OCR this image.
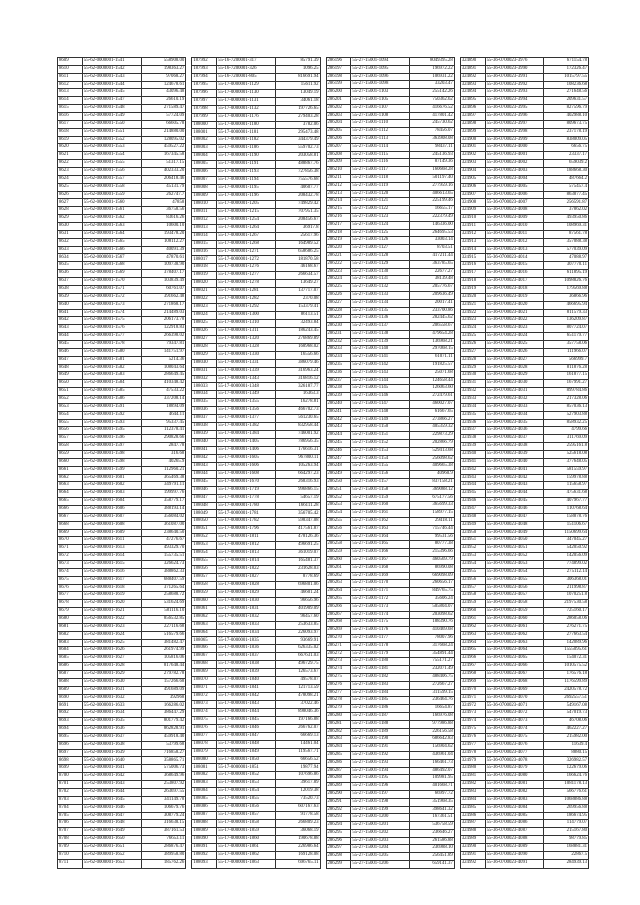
8609	55-62-0000001-1541	558908.00
8610	55-62-0000001-1542	198363.27
8611	55-62-0000001-1543	97068.27
8612	55-62-0000001-1544	124678.61
8613	55-62-0000001-1545	43096.48
8614	55-62-0000001-1547	26610.19
8615	55-62-0000001-1548	271589.47
8616	55-62-0000001-1549	57724.09
8617	55-62-0000001-1550	66605.78
8618	55-62-0000001-1551	214880.00
8619	55-62-0000001-1552	128095.02
8620	55-62-0000001-1553	459527.22
8621	55-62-0000001-1554	167345.58
8622	55-62-0000001-1555	51317.15
8623	55-62-0000001-1556	402333.20
8624	55-62-0000001-1557	206418.46
8625	55-62-0000001-1558	45131.79
8626	55-62-0000001-1559	262747.7
8627	55-62-0000001-1560	47858
8628	55-62-0000001-1561	36758.56
8629	55-62-0000001-1562	83616.26
8630	55-62-0000001-1563	10600.10
8631	55-62-0000001-1564	193478.20
8632	55-62-0000001-1565	108112.27
8633	55-62-0000001-1566	40091.39
8634	55-62-0000001-1567	47870.61
8635	55-62-0000001-1568	109738.90
8636	55-62-0000001-1569	378407.17
8637	55-62-0000001-1570	103839.49
8638	55-62-0000001-1571	60761.07
8639	55-62-0000001-1572	391662.48
8640	55-62-0000001-1573	271868.17
8641	55-62-0000001-1574	214489.03
8642	55-62-0000001-1575	206173.78
8643	55-62-0000001-1576	122918.83
8644	55-62-0000001-1577	266398.02
8645	55-62-0000001-1578	79347.81
8646	55-62-0000001-1580	141751.97
8647	55-62-0000001-1581	5214.36
8648	55-62-0000001-1582	108043.64
8649	55-62-0000001-1583	286649.45
8650	55-62-0000001-1584	410348.42
8651	55-62-0000001-1585	47533.22
8652	55-62-0000001-1586	337208.14
8653	55-62-0000001-1591	18894.09
8654	55-62-0000001-1592	4644.11
8655	55-62-0000001-1593	95337.45
8656	55-62-0000001-1595	112378.41
8657	55-62-0000001-1596	290828.66
8658	55-62-0000001-1597	2847.78
8659	55-62-0000001-1598	316.68
8660	55-62-0000001-1598	40265.9
8661	55-62-0000001-1599	112960.21
8662	55-62-0000001-1601	365469.38
8663	55-62-0000001-1602	349791.11
8664	55-62-0000001-1603	199997.76
8665	55-62-0000001-1604	358779.17
8666	55-62-0000001-1606	388193.14
8667	55-62-0000001-1607	356084.02
8668	55-62-0000001-1608	361087.00
8669	55-62-0000001-1609	238640.50
8670	55-62-0000001-1611	47276.67
8671	55-62-0000001-1613	493329.70
8672	55-62-0000001-1614	155735.51
8673	55-62-0000001-1615	326624.73
8674	55-62-0000001-1616	388862.33
8675	55-62-0000001-1617	688407.59
8676	55-62-0000001-1618	371265.64
8677	55-62-0000001-1619	258688.72
8678	55-62-0000001-1620	531624.69
8679	55-62-0000001-1621	581116.10
8680	55-62-0000001-1622	856532.85
8681	55-62-0000001-1623	227116.68
8682	55-62-0000001-1624	516579.66
8683	55-62-0000001-1625	381482.47
8684	55-62-0000001-1626	261974.99
8685	55-62-0000001-1627	105816.06
8686	55-62-0000001-1628	817648.44
8687	55-62-0000001-1629	279782.78
8688	55-62-0000001-1630	157266.68
8689	55-62-0000001-1631	491689.09
8690	55-62-0000001-1632	392968
8691	55-62-0000001-1633	166286.02
8692	55-62-0000001-1634	386447.29
8693	55-62-0000001-1635	801779.42
8694	55-62-0000001-1636	862828.91
8695	55-62-0000001-1637	459918.40
8696	55-62-0000001-1638	53799.68
8697	55-62-0000001-1639	716858.27
8698	55-62-0000001-1640	358865.71
8699	55-62-0000001-1641	575006.73
8700	55-62-0000001-1642	368649.96
8701	55-62-0000001-1643	253807.92
8702	55-62-0000001-1644	263697.55
8703	55-62-0000001-1645	341149.78
8704	55-62-0000001-1646	106679.76
8705	55-62-0000001-1647	308779.24
8706	55-62-0000001-1648	316638.15
8707	55-62-0000001-1649	387161.53
8708	55-62-0000001-1650	76653.11
8709	55-62-0000001-1651	286876.47
8710	55-62-0000001-1652	389958.80
8711	55-62-0000001-1653	185762.26
187992	55-16-7200001-317	85791.39
187993	55-16-7200001-326	1096.25
187994	55-16-7200001-805	816691.94
187995	55-17-0000001-1129	15611.92
187996	55-17-0000001-1130	13049.19
187997	55-17-0000001-1131	34061.18
187998	55-17-0000001-1132	197726.65
187999	55-17-0000001-1176	279403.28
188000	55-17-0000001-1180	3782.06
188001	55-17-0000001-1181	295473.48
188002	55-17-0000001-1182	344379.49
188003	55-17-0000001-1186	559702.73
188004	55-17-0000001-1190	203058.81
188005	55-17-0000001-1191	488867.76
188006	55-17-0000001-1193	727856.38
188007	55-17-0000001-1194	755576.68
188008	55-17-0000001-1195	40607.77
188009	55-17-0000001-1196	208432.78
188010	55-17-0000001-1205	749829.42
188011	55-17-0000001-1215	707951.35
188012	55-17-0000001-1254	208456.67
188013	55-17-0000001-1264	36917.8
188014	55-17-0000001-1267	25617.96
188015	55-17-0000001-1268	164989.52
188016	55-17-0000001-1271	658686.25
188017	55-17-0000001-1272	181870.58
188018	55-17-0000001-1276	46168.67
188019	55-17-0000001-1277	266634.57
188020	55-17-0000001-1278	13649.27
188021	55-17-0000001-1281	137717.07
188022	55-17-0000001-1282	2370.08
188023	55-17-0000001-1292	153379.41
188024	55-17-0000001-1300	86113.51
188025	55-17-0000001-1310	32493.84
188026	55-17-0000001-1311	186243.45
188027	55-17-0000001-1320	276869.89
188028	55-17-0000001-1328	168968.02
188029	55-17-0000001-1330	16556.66
188030	55-17-0000001-1331	386079.46
188031	55-17-0000001-1339	316963.24
188032	55-17-0000001-1343	316816.12
188033	55-17-0000001-1348	326187.77
188034	55-17-0000001-1349	16363.3
188035	55-17-0000001-1355	16278.81
188036	55-17-0000001-1356	466702.73
188037	55-17-0000001-1377	561230.65
188038	55-17-0000001-1382	832958.44
188039	55-17-0000001-1384	746001.92
188040	55-17-0000001-1405	786956.35
188041	55-17-0000001-1406	176616.31
188042	55-17-0000001-1605	967800.11
188043	55-17-0000001-1606	105263.94
188044	55-17-0000001-1608	664297.23
188045	55-17-0000001-1670	268316.93
188046	55-17-0000001-1719	996866.15
188047	55-17-0000001-1778	54657.19
188048	55-17-0000001-1780	166111.28
188049	55-17-0000001-1781	356705.42
188050	55-17-0000001-1782	598347.08
188051	55-17-0000001-1796	417561.87
188052	55-17-0000001-1811	478126.36
188053	55-17-0000001-1812	496691.25
188054	55-17-0000001-1813	361019.07
188055	55-17-0000001-1814	165481.37
188056	55-17-0000001-1822	231628.03
188057	55-17-0000001-1827	8778.69
188058	55-17-0000001-1828	696801.06
188059	55-17-0000001-1829	46601.24
188060	55-17-0000001-1830	96656.96
188061	55-17-0000001-1831	401909.09
188062	55-17-0000001-1832	96457.60
188063	55-17-0000001-1833	253633.85
188064	55-17-0000001-1834	226093.97
188065	55-17-0000001-1835	93669.91
188066	55-17-0000001-1836	626335.02
188067	55-17-0000001-1837	667631.03
188068	55-17-0000001-1838	496729.75
188069	55-17-0000001-1839	126573.67
188070	55-17-0000001-1840	49578.07
188071	55-17-0000001-1841	121713.59
188072	55-17-0000001-1842	478098.21
188073	55-17-0000001-1843	37022.46
188074	55-17-0000001-1844	898046.36
188075	55-17-0000001-1845	197166.88
188076	55-17-0000001-1846	266762.07
188077	55-17-0000001-1847	66669.13
188078	55-17-0000001-1848	14461.04
188079	55-17-0000001-1849	119567.71
188080	55-17-0000001-1850	66656.52
188081	55-17-0000001-1851	19877.94
188082	55-17-0000001-1852	107696.86
188083	55-17-0000001-1853	39617.89
188084	55-17-0000001-1854	12019.38
188085	55-17-0000001-1855	73520.73
188086	55-17-0000001-1856	607167.63
188087	55-17-0000001-1857	91778.58
188088	55-17-0000001-1858	266809.23
188089	55-17-0000001-1859	36068.19
188090	55-17-0000001-1860	190678.88
188091	55-17-0000001-1861	226986.64
188092	55-17-0000001-1862	169128.08
188093	55-17-0000001-1863	696765.11
286196	55-27-15001-1094	8049395.28
286197	55-27-15001-1095	196972.22
286198	55-27-15001-1096	106931.22
286199	55-27-15001-1098	33203.47
286200	55-27-15001-1103	255142.26
286201	55-27-15001-1105	750362.62
286202	55-27-15001-1107	416676.52
286203	55-27-15001-1108	417801.42
286204	55-27-15001-1110	245730.62
286205	55-27-15001-1112	78456.07
286206	55-27-15001-1113	363908.08
286207	55-27-15001-1114	98437.11
286208	55-27-15001-1115	245136.93
286209	55-27-15001-1116	87149.36
286210	55-27-15001-1117	160668.28
286211	55-27-15001-1118	501197.40
286212	55-27-15001-1119	277959.16
286213	55-27-15001-1120	406613.65
286214	55-27-15001-1121	225199.46
286215	55-27-15001-1122	16655.17
286216	55-27-15001-1123	222379.49
286217	55-27-15001-1124	146336.00
286218	55-27-15001-1125	264695.53
286219	55-27-15001-1126	33003.14
286220	55-27-15001-1127	8703.51
286221	55-27-15001-1128	417211.44
286222	55-27-15001-1129	363785.65
286223	55-27-15001-1130	22677.27
286224	55-27-15001-1131	38139.48
286225	55-27-15001-1132	205776.67
286226	55-27-15001-1133	209636.49
286227	55-27-15001-1134	20017.41
286228	55-27-15001-1135	233700.86
286229	55-27-15001-1136	282445.62
286230	55-27-15001-1137	206558.67
286231	55-27-15001-1138	479654.28
286232	55-27-15001-1139	136968.21
286233	55-27-15001-1140	297068.15
286234	55-27-15001-1141	61071.11
286235	55-27-15001-1142	191825.57
286236	55-27-15001-1143	25071.68
286237	55-27-15001-1144	124658.44
286238	55-27-15001-1145	126063.60
286239	55-27-15001-1146	272479.61
286240	55-27-15001-1147	460027.07
286241	55-27-15001-1148	61667.65
286242	55-27-15001-1149	273866.27
286243	55-27-15001-1150	405359.32
286244	55-27-15001-1151	229873.29
286245	55-27-15001-1152	202866.79
286246	55-27-15001-1153	529413.68
286247	55-27-15001-1154	256098.62
286248	55-27-15001-1155	409665.38
286249	55-27-15001-1156	40960.9
286250	55-27-15001-1157	837158.21
286251	55-27-15001-1158	369088.12
286252	55-27-15001-1159	675177.56
286253	55-27-15001-1160	365699.33
286254	55-27-15001-1161	158977.15
286255	55-27-15001-1162	29418.11
286256	55-27-15001-1163	715746.44
286257	55-27-15001-1164	99531.56
286258	55-27-15001-1165	80777.38
286259	55-27-15001-1166	215396.66
286260	55-27-15001-1167	460569.79
286261	55-27-15001-1168	86990.08
286262	55-27-15001-1169	669098.09
286263	55-27-15001-1170	260656.17
286264	55-27-15001-1171	849765.75
286265	55-27-15001-1172	35606.24
286266	55-27-15001-1173	505804.07
286267	55-27-15001-1174	203098.62
286268	55-27-15001-1175	188390.76
286269	55-27-15001-1176	410469.68
286270	55-27-15001-1177	78007.96
286271	55-27-15001-1178	317668.24
286272	55-27-15001-1179	354891.44
286273	55-27-15001-1180	755171.27
286274	55-27-15001-1181	232071.49
286275	55-27-15001-1182	488406.75
286276	55-27-15001-1183	272667.27
286277	55-27-15001-1184	311599.15
286278	55-27-15001-1185	236464.76
286279	55-27-15001-1186	16654.87
286280	55-27-15001-1187	166976.08
286281	55-27-15001-1188	977986.88
286282	55-27-15001-1189	226156.58
286283	55-27-15001-1190	686642.83
286284	55-27-15001-1191	156904.62
286285	55-27-15001-1192	436961.04
286286	55-27-15001-1193	166461.73
286287	55-27-15001-1194	486492.07
286288	55-27-15001-1195	109981.95
286289	55-27-15001-1196	401668.71
286290	55-27-15001-1197	66997.72
286291	55-27-15001-1198	351968.35
286292	55-27-15001-1199	398641.32
286293	55-27-15001-1200	167361.51
286294	55-27-15001-1201	536758.59
286295	55-27-15001-1202	236646.27
286296	55-27-15001-1203	261586.88
286297	55-27-15001-1204	236988.10
286298	55-27-15001-1205	256451.89
286299	55-27-15001-1206	659141.37
324890	55-36-0700023-3976	671154.78
324891	55-36-0700023-3990	172326.47
324892	55-36-0700023-3991	1015797.55
324893	55-36-0700023-3992	108236.68
324894	55-36-0700023-3993	271648.56
324895	55-36-0700023-3994	209631.57
324896	55-36-0700023-3995	827596.79
324897	55-36-0700023-3996	402988.10
324898	55-36-0700023-3997	809673.75
324899	55-36-0700023-3998	237178.19
324900	55-36-0700023-3999	838009.05
324901	55-36-0700023-4000	6656.75
324902	55-36-0700023-4001	23337.17
324903	55-36-0700023-4002	659039.2
324904	55-36-0700023-4003	188668.30
324905	55-36-0700023-4004	487664.2
324906	55-36-0700023-4005	575457.4
324907	55-36-0700023-4006	863877.45
324908	55-36-0700023-4007	256591.87
324909	55-36-0700023-4008	37862.02
324910	55-36-0700023-4009	493950.86
324911	55-36-0700023-4010	108969.31
324912	55-36-0700023-4011	87561.78
324913	55-36-0700023-4012	357088.38
324914	55-36-0700023-4013	577039.09
324915	55-36-0700023-4014	47088.97
324916	55-36-0700023-4015	307770.11
324917	55-36-0700023-4016	611895.19
324918	55-36-0700023-4017	1098826.76
324919	55-36-0700023-4018	179569.88
324920	55-36-0700023-4019	36866.96
324921	55-36-0700023-4020	466695.94
324922	55-36-0700023-4021	811579.33
324923	55-36-0700023-4022	136209.87
324924	55-36-0700023-4023	807724.07
324925	55-36-0700023-4024	651179.77
324926	55-36-0700023-4025	357758.06
324927	55-36-0700023-4026	111966.07
324928	55-36-0700023-4027	566999.7
324929	55-36-0700023-4028	811876.28
324930	55-36-0700023-4029	161877.15
324931	55-36-0700023-4030	167991.27
324932	55-36-0700023-4031	899784.86
324933	55-36-0700023-4032	217328.06
324934	55-36-0700023-4033	857036.13
324935	55-36-0700023-4034	527903.88
324936	55-36-0700023-4035	858932.25
324937	55-36-0700023-4036	4799.66
324938	55-36-0700023-4037	311769.09
324939	55-36-0700023-4038	2595161.8
324940	55-36-0700023-4039	525618.08
324941	55-36-0700023-4040	377648.05
324942	55-36-0700023-4041	581559.97
324943	55-36-0700023-4042	159978.88
324944	55-36-0700023-4043	115658.97
324945	55-36-0700023-4044	475631.68
324946	55-36-0700023-4045	407967.77
324947	55-36-0700023-4046	110768.64
324948	55-36-0700023-4047	158878.76
324949	55-36-0700023-4048	151106.67
324950	55-36-0700023-4049	1150699.64
324951	55-36-0700023-4050	347045.27
324952	55-36-0700023-4051	542050.92
324953	55-36-0700023-4052	142056.09
324954	55-36-0700023-4053	774899.02
324955	55-36-0700023-4054	275112.14
324956	55-36-0700023-4055	306368.01
324957	55-36-0700023-4056	211998.87
324958	55-36-0700023-4057	1070251.8
324959	55-36-0700023-4058	2197530.58
324960	55-36-0700023-4059	725160.17
324961	55-36-0700023-4060	286058.06
324962	55-36-0700023-4061	276271.75
324963	55-36-0700023-4062	277663.54
324964	55-36-0700023-4063	142089.96
324965	55-36-0700023-4064	1555095.61
324966	55-36-0700023-4065	154072.31
324967	55-36-0700023-4066	1010575.52
324968	55-36-0700023-4067	176576.18
324969	55-36-0700023-4068	1176599.89
324970	55-36-0700023-4069	2420578.72
324971	55-36-0700023-4070	2692557.51
324972	55-36-0700023-4071	549167.08
324973	55-36-0700023-4072	547019.73
324974	55-36-0700023-4073	46708.06
324975	55-36-0700023-4074	462227.27
324976	55-36-0700023-4075	215982.00
324977	55-36-0700023-4076	11639.4
324978	55-36-0700023-4077	8880.15
324979	55-36-0700023-4078	326982.57
324980	55-36-0700023-4079	122679.06
324981	55-36-0700023-4080	166624.76
324982	55-36-0700023-4081	1081178.13
324983	55-36-0700023-4082	566776.61
324984	55-36-0700023-4083	1068886.88
324985	55-36-0700023-4084	269956.88
324986	55-36-0700023-4085	186674.95
324987	55-36-0700023-4086	114779.07
324988	55-36-0700023-4087	215167.80
324989	55-36-0700023-4088	98779.85
324990	55-36-0700023-4089	168881.31
324991	55-36-0700023-4090	22867.5
324992	55-36-0700023-4091	284939.13
